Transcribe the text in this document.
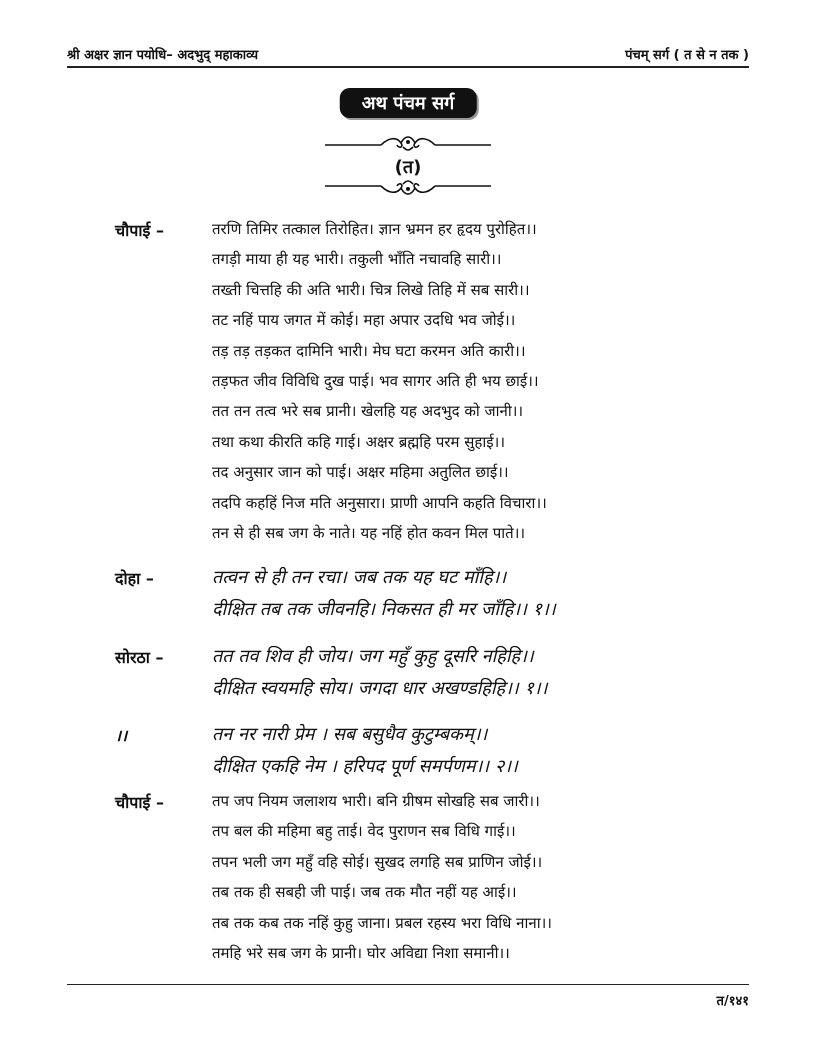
श्री अक्षर ज्ञान पयोधि– अदभुद् महाकाव्य	पंचम् सर्ग ( त से न तक )
अथ पंचम सर्ग
(त)
चौपाई –	तरणि तिमिर तत्काल तिरोहित। ज्ञान भ्रमन हर हृदय पुरोहित।।
तगड़ी माया ही यह भारी। तकुली भाँति नचावहि सारी।।
तख्ती चित्तहि की अति भारी। चित्र लिखे तिहि में सब सारी।।
तट नहिं पाय जगत में कोई। महा अपार उदधि भव जोई।।
तड़ तड़ तड़कत दामिनि भारी। मेघ घटा करमन अति कारी।।
तड़फत जीव विविधि दुख पाई। भव सागर अति ही भय छाई।।
तत तन तत्व भरे सब प्रानी। खेलहि यह अदभुद को जानी।।
तथा कथा कीरति कहि गाई। अक्षर ब्रह्महि परम सुहाई।।
तद अनुसार जान को पाई। अक्षर महिमा अतुलित छाई।।
तदपि कहहिं निज मति अनुसारा। प्राणी आपनि कहति विचारा।।
तन से ही सब जग के नाते। यह नहिं होत कवन मिल पाते।।
दोहा –	तत्वन से ही तन रचा। जब तक यह घट माँहि।।
दीक्षित तब तक जीवनहि। निकसत ही मर जाँहि।। १।।
सोरठा –	तत तव शिव ही जोय। जग महुँ कुहु दूसरि नहिहि।।
दीक्षित स्वयमहि सोय। जगदा धार अखण्डहिहि।। १।।
।।	तन नर नारी प्रेम । सब बसुधैव कुटुम्बकम्।।
दीक्षित एकहि नेम । हरिपद पूर्ण समर्पणम।। २।।
चौपाई –	तप जप नियम जलाशय भारी। बनि ग्रीषम सोखहि सब जारी।।
तप बल की महिमा बहु ताई। वेद पुराणन सब विधि गाई।।
तपन भली जग महुँ वहि सोई। सुखद लगहि सब प्राणिन जोई।।
तब तक ही सबही जी पाई। जब तक मौत नहीं यह आई।।
तब तक कब तक नहिं कुहु जाना। प्रबल रहस्य भरा विधि नाना।।
तमहि भरे सब जग के प्रानी। घोर अविद्या निशा समानी।।
त/१४१
